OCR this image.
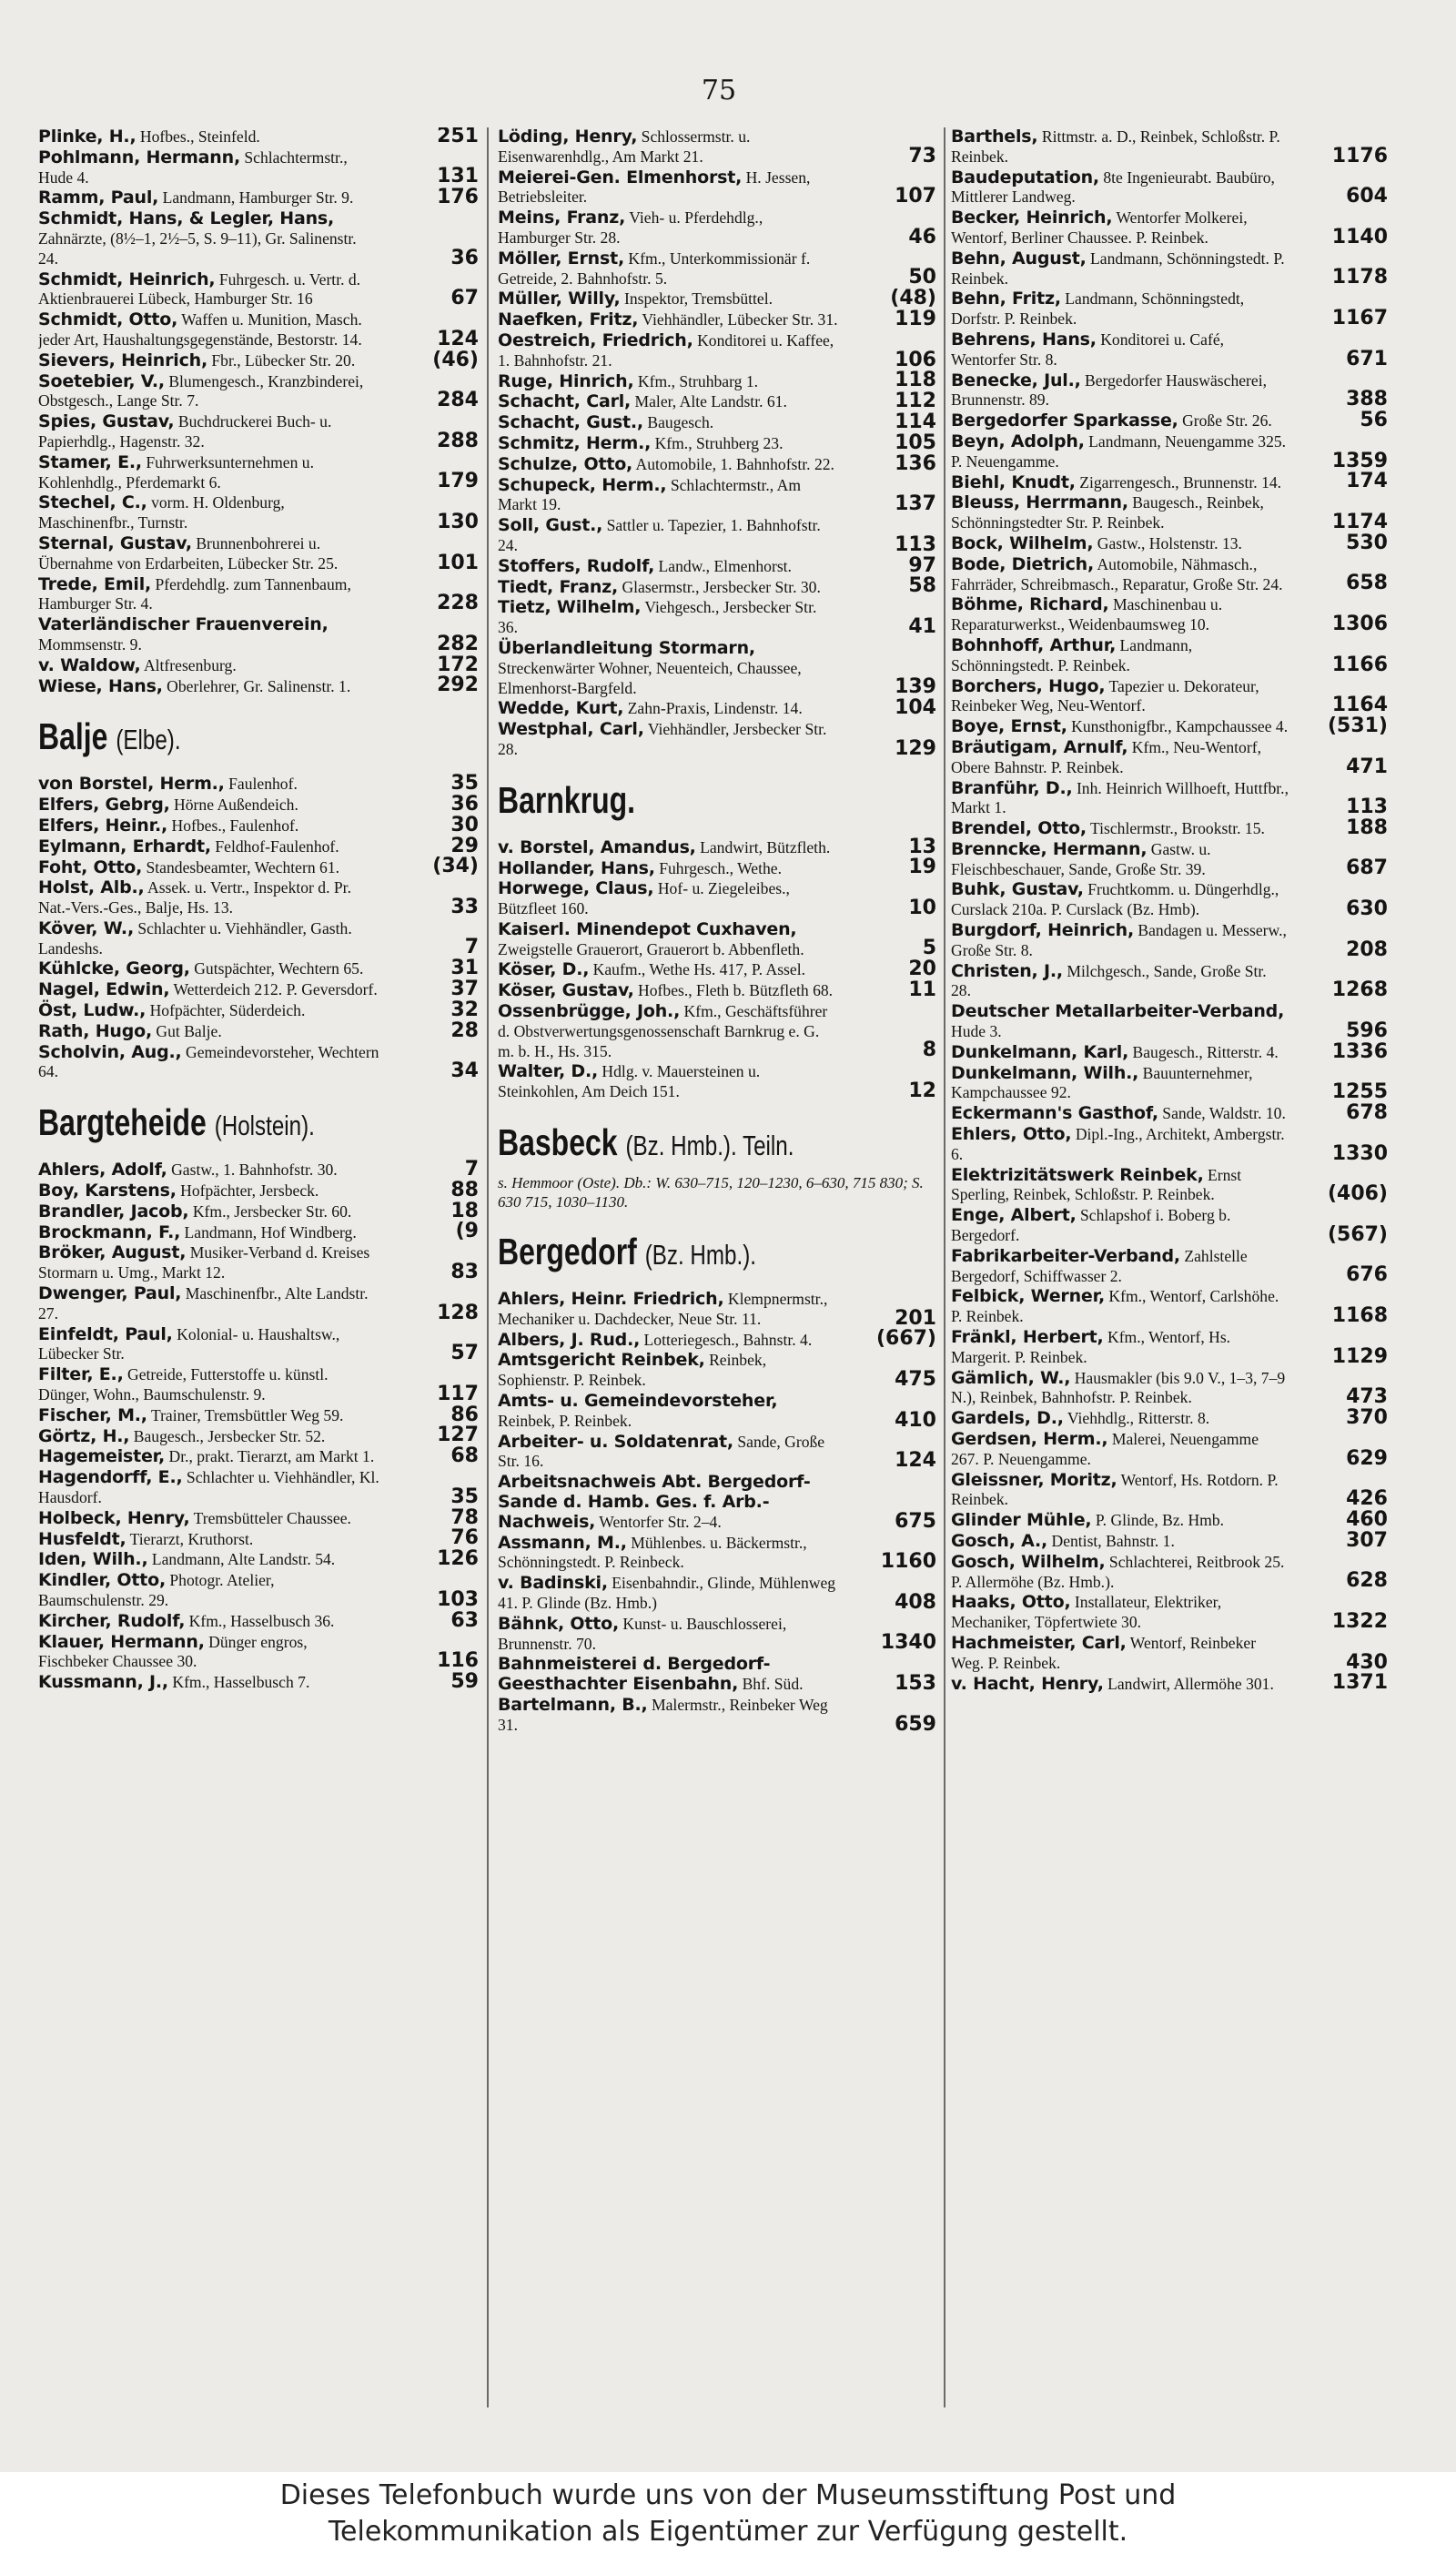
75
Plinke, H., Hofbes., Steinfeld.	251
Pohlmann, Hermann, Schlachtermstr., Hude 4.	131
Ramm, Paul, Landmann, Hamburger Str. 9.	176
Schmidt, Hans, & Legler, Hans, Zahnärzte, (8½–1, 2½–5, S. 9–11), Gr. Salinenstr. 24.	36
Schmidt, Heinrich, Fuhrgesch. u. Vertr. d. Aktienbrauerei Lübeck, Hamburger Str. 16	67
Schmidt, Otto, Waffen u. Munition, Masch. jeder Art, Haushaltungsgegenstände, Bestorstr. 14.	124
Sievers, Heinrich, Fbr., Lübecker Str. 20.	(46)
Soetebier, V., Blumengesch., Kranzbinderei, Obstgesch., Lange Str. 7.	284
Spies, Gustav, Buchdruckerei Buch- u. Papierhdlg., Hagenstr. 32.	288
Stamer, E., Fuhrwerksunternehmen u. Kohlenhdlg., Pferdemarkt 6.	179
Stechel, C., vorm. H. Oldenburg, Maschinenfbr., Turnstr.	130
Sternal, Gustav, Brunnenbohrerei u. Übernahme von Erdarbeiten, Lübecker Str. 25.	101
Trede, Emil, Pferdehdlg. zum Tannenbaum, Hamburger Str. 4.	228
Vaterländischer Frauenverein, Mommsenstr. 9.	282
v. Waldow, Altfresenburg.	172
Wiese, Hans, Oberlehrer, Gr. Salinenstr. 1.	292
Balje (Elbe).
von Borstel, Herm., Faulenhof.	35
Elfers, Gebrg, Hörne Außendeich.	36
Elfers, Heinr., Hofbes., Faulenhof.	30
Eylmann, Erhardt, Feldhof-Faulenhof.	29
Foht, Otto, Standesbeamter, Wechtern 61.	(34)
Holst, Alb., Assek. u. Vertr., Inspektor d. Pr. Nat.-Vers.-Ges., Balje, Hs. 13.	33
Köver, W., Schlachter u. Viehhändler, Gasth. Landeshs.	7
Kühlcke, Georg, Gutspächter, Wechtern 65.	31
Nagel, Edwin, Wetterdeich 212. P. Geversdorf.	37
Öst, Ludw., Hofpächter, Süderdeich.	32
Rath, Hugo, Gut Balje.	28
Scholvin, Aug., Gemeindevorsteher, Wechtern 64.	34
Bargteheide (Holstein).
Ahlers, Adolf, Gastw., 1. Bahnhofstr. 30.	7
Boy, Karstens, Hofpächter, Jersbeck.	88
Brandler, Jacob, Kfm., Jersbecker Str. 60.	18
Brockmann, F., Landmann, Hof Windberg.	(9
Bröker, August, Musiker-Verband d. Kreises Stormarn u. Umg., Markt 12.	83
Dwenger, Paul, Maschinenfbr., Alte Landstr. 27.	128
Einfeldt, Paul, Kolonial- u. Haushaltsw., Lübecker Str.	57
Filter, E., Getreide, Futterstoffe u. künstl. Dünger, Wohn., Baumschulenstr. 9.	117
Fischer, M., Trainer, Tremsbüttler Weg 59.	86
Görtz, H., Baugesch., Jersbecker Str. 52.	127
Hagemeister, Dr., prakt. Tierarzt, am Markt 1.	68
Hagendorff, E., Schlachter u. Viehhändler, Kl. Hausdorf.	35
Holbeck, Henry, Tremsbütteler Chaussee.	78
Husfeldt, Tierarzt, Kruthorst.	76
Iden, Wilh., Landmann, Alte Landstr. 54.	126
Kindler, Otto, Photogr. Atelier, Baumschulenstr. 29.	103
Kircher, Rudolf, Kfm., Hasselbusch 36.	63
Klauer, Hermann, Dünger engros, Fischbeker Chaussee 30.	116
Kussmann, J., Kfm., Hasselbusch 7.	59
Löding, Henry, Schlossermstr. u. Eisenwarenhdlg., Am Markt 21.	73
Meierei-Gen. Elmenhorst, H. Jessen, Betriebsleiter.	107
Meins, Franz, Vieh- u. Pferdehdlg., Hamburger Str. 28.	46
Möller, Ernst, Kfm., Unterkommissionär f. Getreide, 2. Bahnhofstr. 5.	50
Müller, Willy, Inspektor, Tremsbüttel.	(48)
Naefken, Fritz, Viehhändler, Lübecker Str. 31.	119
Oestreich, Friedrich, Konditorei u. Kaffee, 1. Bahnhofstr. 21.	106
Ruge, Hinrich, Kfm., Struhbarg 1.	118
Schacht, Carl, Maler, Alte Landstr. 61.	112
Schacht, Gust., Baugesch.	114
Schmitz, Herm., Kfm., Struhberg 23.	105
Schulze, Otto, Automobile, 1. Bahnhofstr. 22.	136
Schupeck, Herm., Schlachtermstr., Am Markt 19.	137
Soll, Gust., Sattler u. Tapezier, 1. Bahnhofstr. 24.	113
Stoffers, Rudolf, Landw., Elmenhorst.	97
Tiedt, Franz, Glasermstr., Jersbecker Str. 30.	58
Tietz, Wilhelm, Viehgesch., Jersbecker Str. 36.	41
Überlandleitung Stormarn, Streckenwärter Wohner, Neuenteich, Chaussee, Elmenhorst-Bargfeld.	139
Wedde, Kurt, Zahn-Praxis, Lindenstr. 14.	104
Westphal, Carl, Viehhändler, Jersbecker Str. 28.	129
Barnkrug.
v. Borstel, Amandus, Landwirt, Bützfleth.	13
Hollander, Hans, Fuhrgesch., Wethe.	19
Horwege, Claus, Hof- u. Ziegeleibes., Bützfleet 160.	10
Kaiserl. Minendepot Cuxhaven, Zweigstelle Grauerort, Grauerort b. Abbenfleth.	5
Köser, D., Kaufm., Wethe Hs. 417, P. Assel.	20
Köser, Gustav, Hofbes., Fleth b. Bützfleth 68.	11
Ossenbrügge, Joh., Kfm., Geschäftsführer d. Obstverwertungsgenossenschaft Barnkrug e. G. m. b. H., Hs. 315.	8
Walter, D., Hdlg. v. Mauersteinen u. Steinkohlen, Am Deich 151.	12
Basbeck (Bz. Hmb.). Teiln.
s. Hemmoor (Oste). Db.: W. 630–715, 120–1230, 6–630, 715 830; S. 630 715, 1030–1130.
Bergedorf (Bz. Hmb.).
Ahlers, Heinr. Friedrich, Klempnermstr., Mechaniker u. Dachdecker, Neue Str. 11.	201
Albers, J. Rud., Lotteriegesch., Bahnstr. 4.	(667)
Amtsgericht Reinbek, Reinbek, Sophienstr. P. Reinbek.	475
Amts- u. Gemeindevorsteher, Reinbek, P. Reinbek.	410
Arbeiter- u. Soldatenrat, Sande, Große Str. 16.	124
Arbeitsnachweis Abt. Bergedorf-Sande d. Hamb. Ges. f. Arb.-Nachweis, Wentorfer Str. 2–4.	675
Assmann, M., Mühlenbes. u. Bäckermstr., Schönningstedt. P. Reinbeck.	1160
v. Badinski, Eisenbahndir., Glinde, Mühlenweg 41. P. Glinde (Bz. Hmb.)	408
Bähnk, Otto, Kunst- u. Bauschlosserei, Brunnenstr. 70.	1340
Bahnmeisterei d. Bergedorf-Geesthachter Eisenbahn, Bhf. Süd.	153
Bartelmann, B., Malermstr., Reinbeker Weg 31.	659
Barthels, Rittmstr. a. D., Reinbek, Schloßstr. P. Reinbek.	1176
Baudeputation, 8te Ingenieurabt. Baubüro, Mittlerer Landweg.	604
Becker, Heinrich, Wentorfer Molkerei, Wentorf, Berliner Chaussee. P. Reinbek.	1140
Behn, August, Landmann, Schönningstedt. P. Reinbek.	1178
Behn, Fritz, Landmann, Schönningstedt, Dorfstr. P. Reinbek.	1167
Behrens, Hans, Konditorei u. Café, Wentorfer Str. 8.	671
Benecke, Jul., Bergedorfer Hauswäscherei, Brunnenstr. 89.	388
Bergedorfer Sparkasse, Große Str. 26.	56
Beyn, Adolph, Landmann, Neuengamme 325. P. Neuengamme.	1359
Biehl, Knudt, Zigarrengesch., Brunnenstr. 14.	174
Bleuss, Herrmann, Baugesch., Reinbek, Schönningstedter Str. P. Reinbek.	1174
Bock, Wilhelm, Gastw., Holstenstr. 13.	530
Bode, Dietrich, Automobile, Nähmasch., Fahrräder, Schreibmasch., Reparatur, Große Str. 24.	658
Böhme, Richard, Maschinenbau u. Reparaturwerkst., Weidenbaumsweg 10.	1306
Bohnhoff, Arthur, Landmann, Schönningstedt. P. Reinbek.	1166
Borchers, Hugo, Tapezier u. Dekorateur, Reinbeker Weg, Neu-Wentorf.	1164
Boye, Ernst, Kunsthonigfbr., Kampchaussee 4.	(531)
Bräutigam, Arnulf, Kfm., Neu-Wentorf, Obere Bahnstr. P. Reinbek.	471
Branführ, D., Inh. Heinrich Willhoeft, Huttfbr., Markt 1.	113
Brendel, Otto, Tischlermstr., Brookstr. 15.	188
Brenncke, Hermann, Gastw. u. Fleischbeschauer, Sande, Große Str. 39.	687
Buhk, Gustav, Fruchtkomm. u. Düngerhdlg., Curslack 210a. P. Curslack (Bz. Hmb).	630
Burgdorf, Heinrich, Bandagen u. Messerw., Große Str. 8.	208
Christen, J., Milchgesch., Sande, Große Str. 28.	1268
Deutscher Metallarbeiter-Verband, Hude 3.	596
Dunkelmann, Karl, Baugesch., Ritterstr. 4.	1336
Dunkelmann, Wilh., Bauunternehmer, Kampchaussee 92.	1255
Eckermann's Gasthof, Sande, Waldstr. 10.	678
Ehlers, Otto, Dipl.-Ing., Architekt, Ambergstr. 6.	1330
Elektrizitätswerk Reinbek, Ernst Sperling, Reinbek, Schloßstr. P. Reinbek.	(406)
Enge, Albert, Schlapshof i. Boberg b. Bergedorf.	(567)
Fabrikarbeiter-Verband, Zahlstelle Bergedorf, Schiffwasser 2.	676
Felbick, Werner, Kfm., Wentorf, Carlshöhe. P. Reinbek.	1168
Fränkl, Herbert, Kfm., Wentorf, Hs. Margerit. P. Reinbek.	1129
Gämlich, W., Hausmakler (bis 9.0 V., 1–3, 7–9 N.), Reinbek, Bahnhofstr. P. Reinbek.	473
Gardels, D., Viehhdlg., Ritterstr. 8.	370
Gerdsen, Herm., Malerei, Neuengamme 267. P. Neuengamme.	629
Gleissner, Moritz, Wentorf, Hs. Rotdorn. P. Reinbek.	426
Glinder Mühle, P. Glinde, Bz. Hmb.	460
Gosch, A., Dentist, Bahnstr. 1.	307
Gosch, Wilhelm, Schlachterei, Reitbrook 25. P. Allermöhe (Bz. Hmb.).	628
Haaks, Otto, Installateur, Elektriker, Mechaniker, Töpfertwiete 30.	1322
Hachmeister, Carl, Wentorf, Reinbeker Weg. P. Reinbek.	430
v. Hacht, Henry, Landwirt, Allermöhe 301.	1371
Dieses Telefonbuch wurde uns von der Museumsstiftung Post und
Telekommunikation als Eigentümer zur Verfügung gestellt.
